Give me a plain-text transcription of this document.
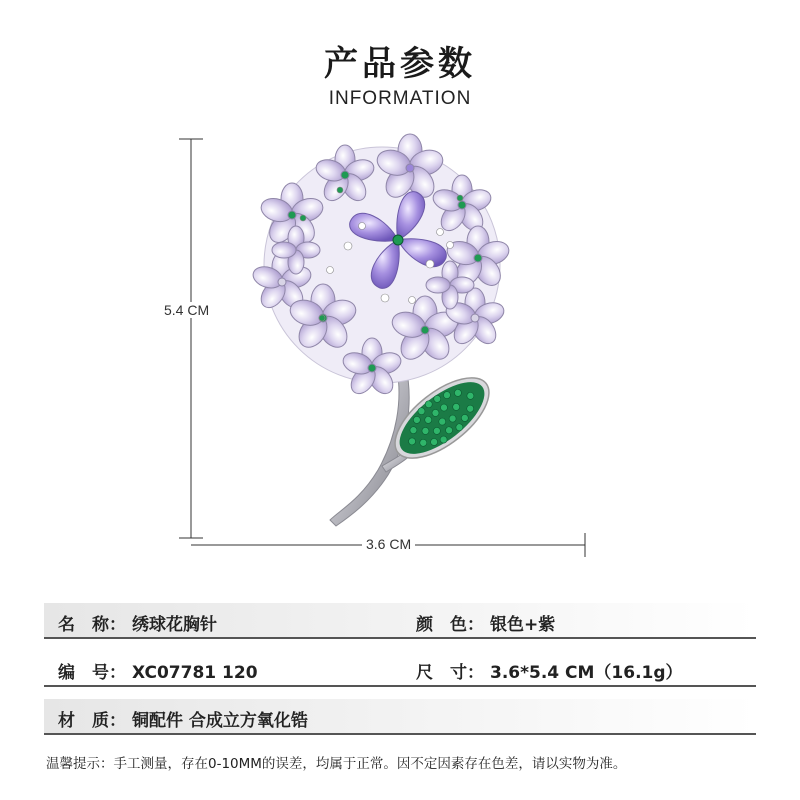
产品参数
INFORMATION
5.4 CM
3.6 CM
名　称： 绣球花胸针	颜　色： 银色+紫
编　号： XC07781 120	尺　寸： 3.6*5.4 CM（16.1g）
材　质： 铜配件 合成立方氧化锆
温馨提示：手工测量，存在0-10MM的误差，均属于正常。因不定因素存在色差，请以实物为准。
